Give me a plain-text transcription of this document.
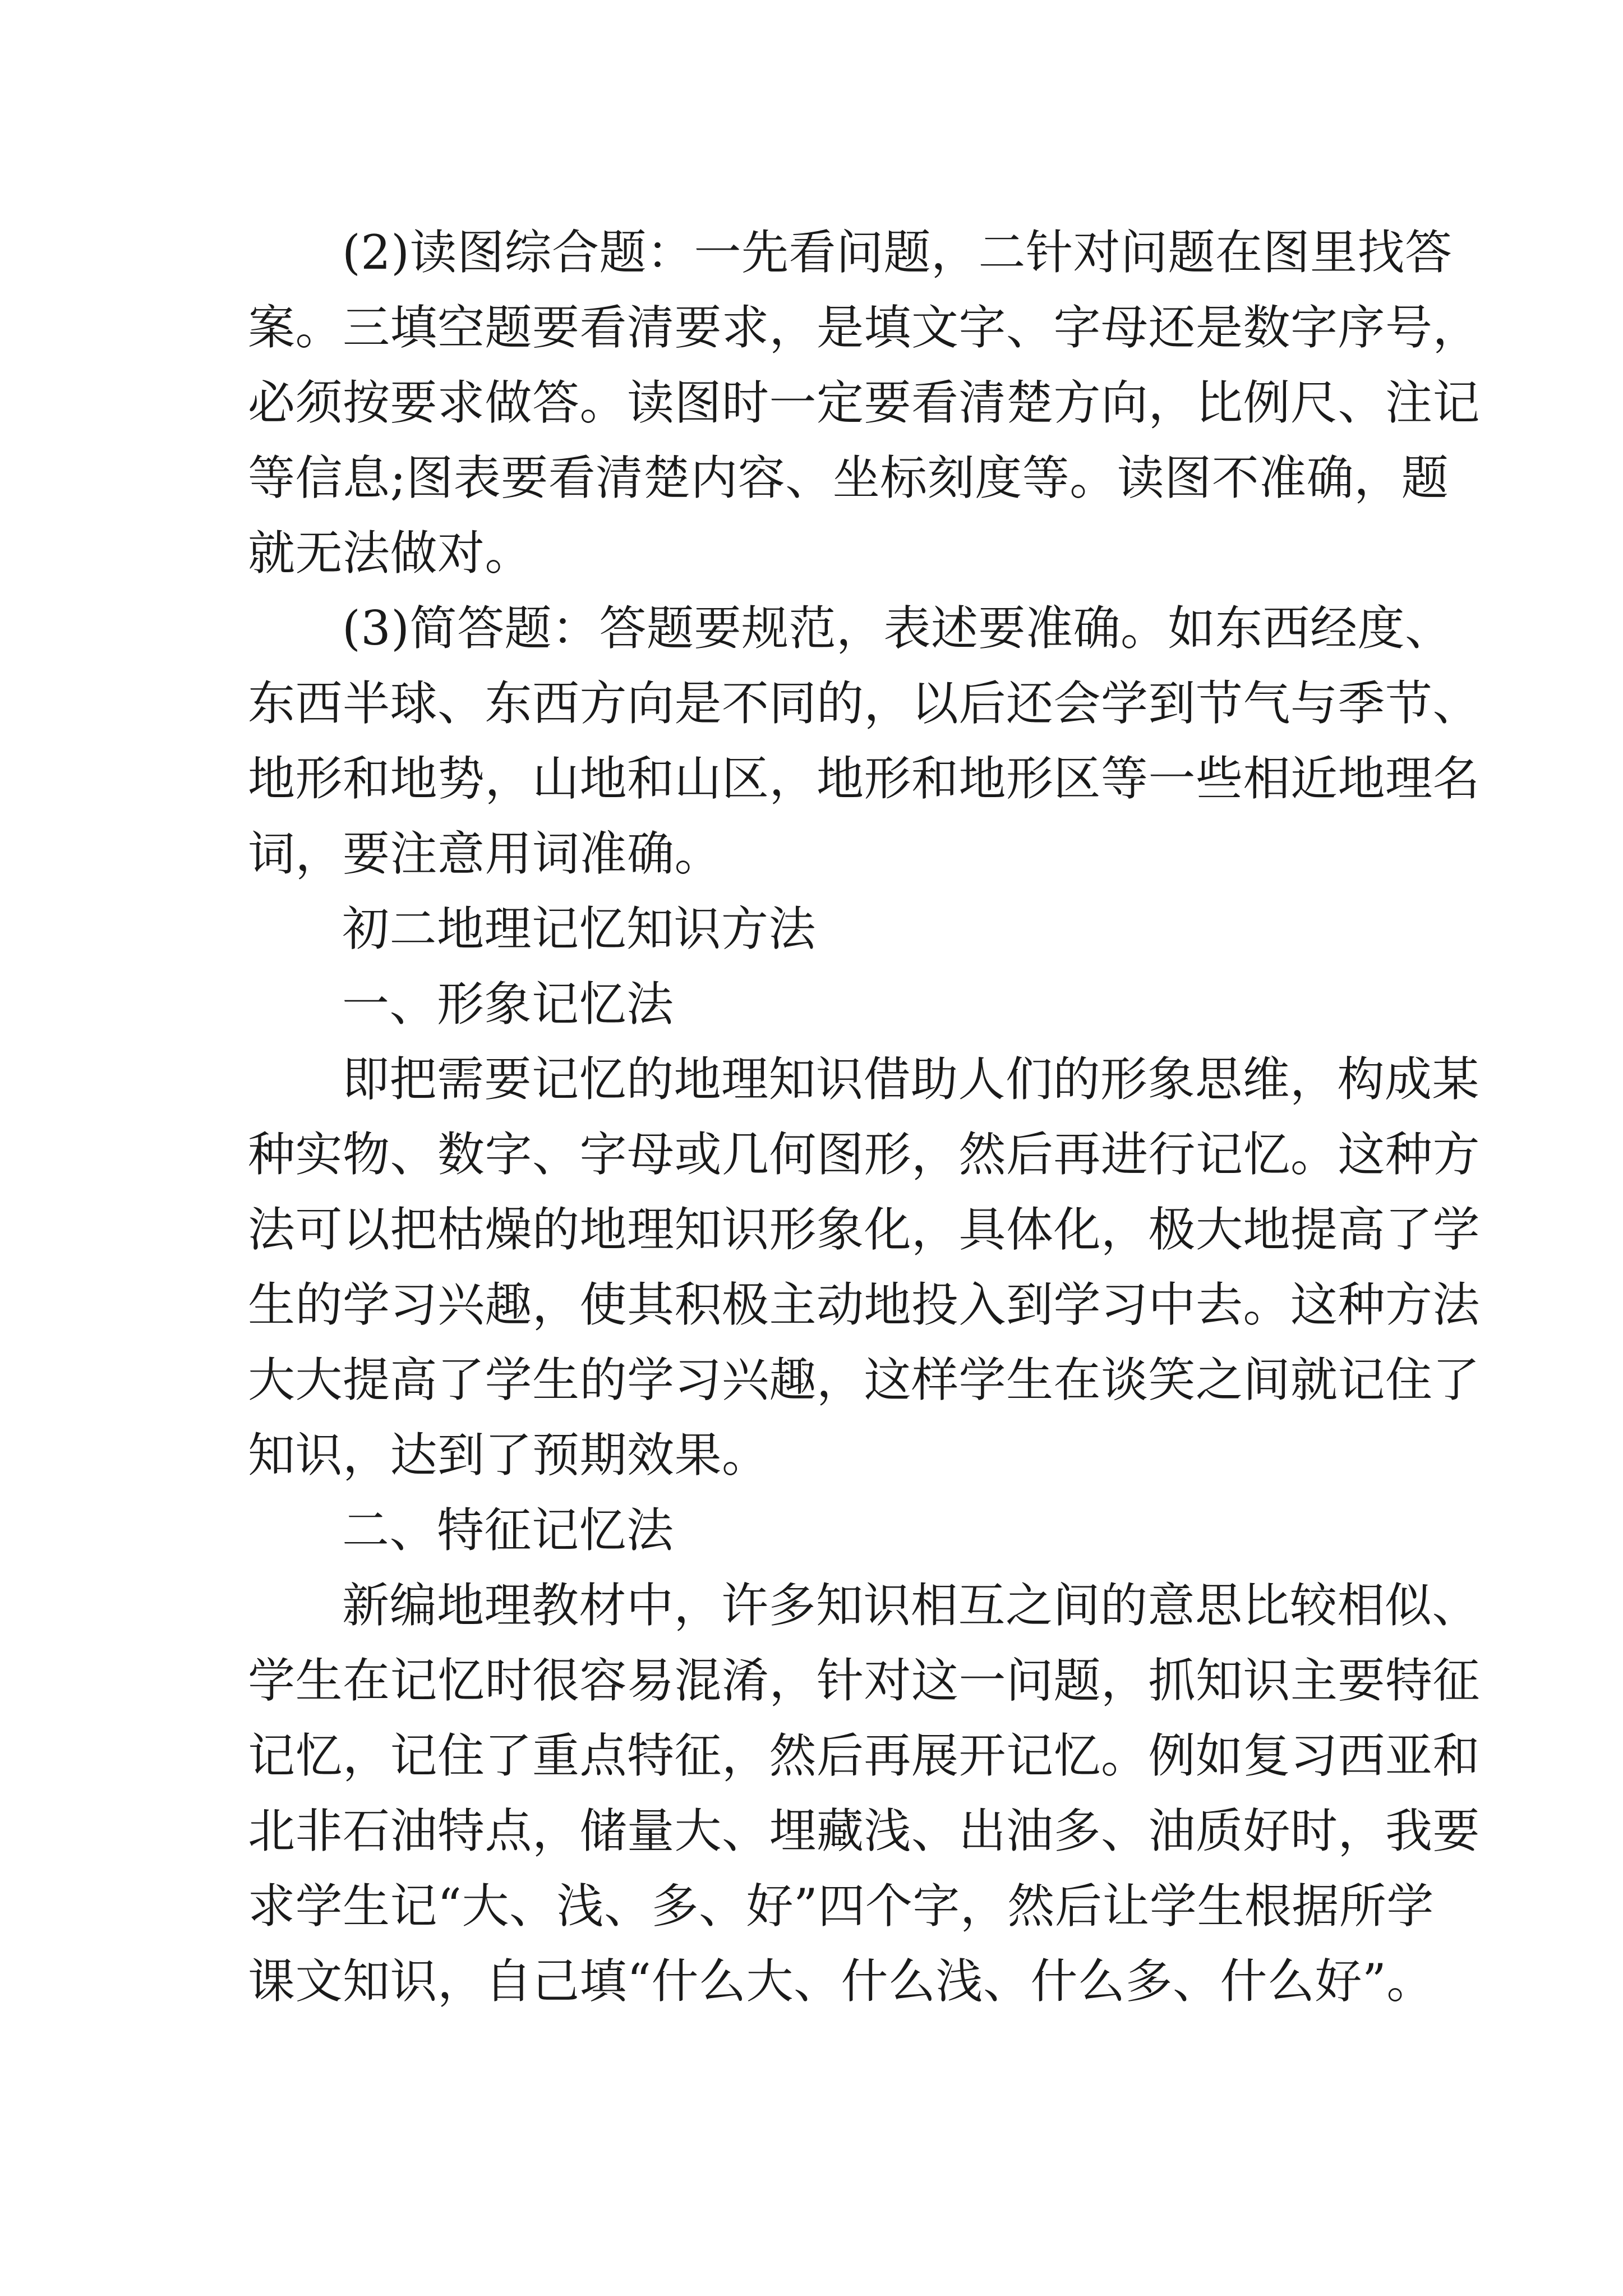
(2)读图综合题：一先看问题，二针对问题在图里找答
案。三填空题要看清要求，是填文字、字母还是数字序号，
必须按要求做答。读图时一定要看清楚方向，比例尺、注记
等信息;图表要看清楚内容、坐标刻度等。读图不准确，题
就无法做对。
(3)简答题：答题要规范，表述要准确。如东西经度、
东西半球、东西方向是不同的，以后还会学到节气与季节、
地形和地势，山地和山区，地形和地形区等一些相近地理名
词，要注意用词准确。
初二地理记忆知识方法
一、形象记忆法
即把需要记忆的地理知识借助人们的形象思维，构成某
种实物、数字、字母或几何图形，然后再进行记忆。这种方
法可以把枯燥的地理知识形象化，具体化，极大地提高了学
生的学习兴趣，使其积极主动地投入到学习中去。这种方法
大大提高了学生的学习兴趣，这样学生在谈笑之间就记住了
知识，达到了预期效果。
二、特征记忆法
新编地理教材中，许多知识相互之间的意思比较相似、
学生在记忆时很容易混淆，针对这一问题，抓知识主要特征
记忆，记住了重点特征，然后再展开记忆。例如复习西亚和
北非石油特点，储量大、埋藏浅、出油多、油质好时，我要
求学生记“大、浅、多、好”四个字，然后让学生根据所学
课文知识，自己填“什么大、什么浅、什么多、什么好”。
